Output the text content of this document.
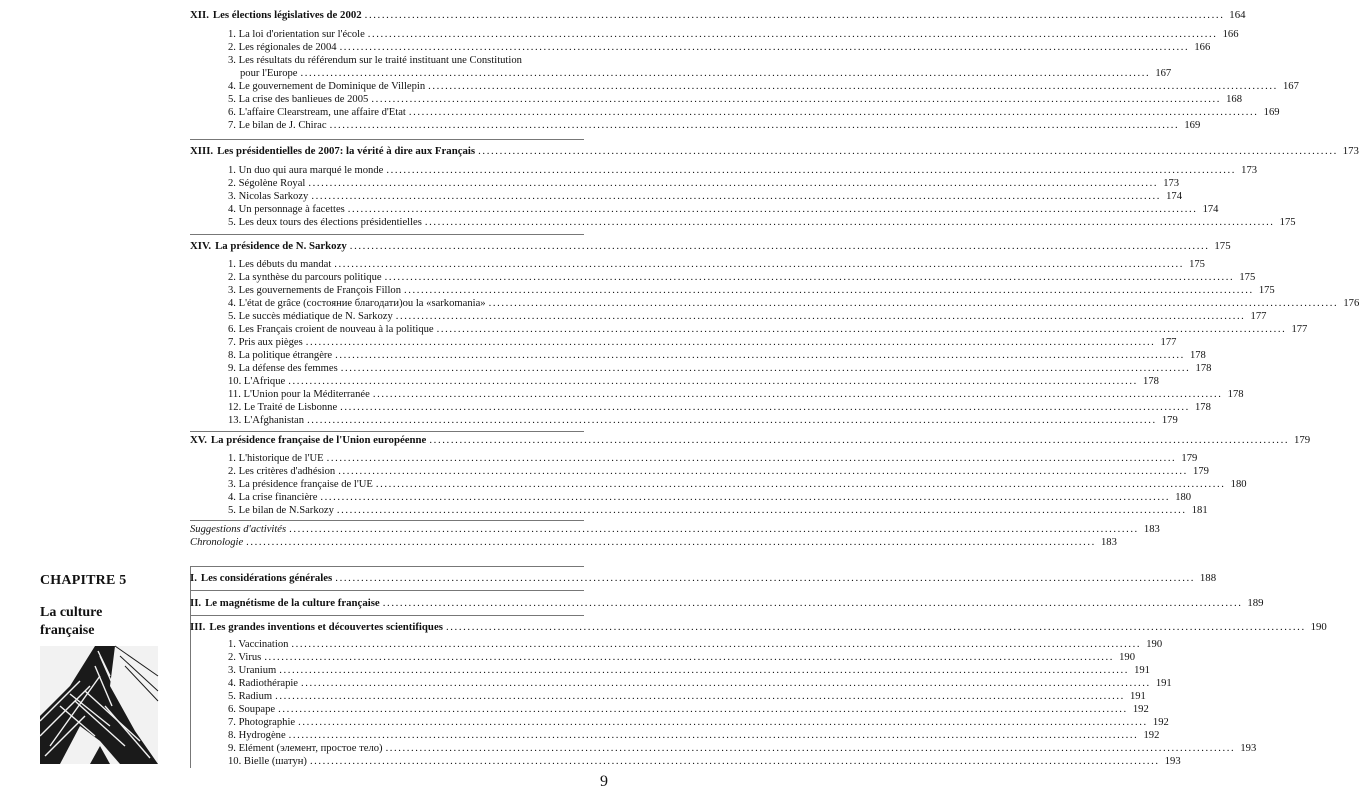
XII. Les élections législatives de 2002 ........................................................................................................................................................................................................ 164
1. La loi d'orientation sur l'école ........................................................................................................................................................................................................ 166
2. Les régionales de 2004 ........................................................................................................................................................................................................ 166
3. Les résultats du référendum sur le traité instituant une Constitution
pour l'Europe ........................................................................................................................................................................................................ 167
4. Le gouvernement de Dominique de Villepin ........................................................................................................................................................................................................ 167
5. La crise des banlieues de 2005 ........................................................................................................................................................................................................ 168
6. L'affaire Clearstream, une affaire d'Etat ........................................................................................................................................................................................................ 169
7. Le bilan de J. Chirac ........................................................................................................................................................................................................ 169
XIII. Les présidentielles de 2007: la vérité à dire aux Français ........................................................................................................................................................................................................ 173
1. Un duo qui aura marqué le monde ........................................................................................................................................................................................................ 173
2. Ségolène Royal ........................................................................................................................................................................................................ 173
3. Nicolas Sarkozy ........................................................................................................................................................................................................ 174
4. Un personnage à facettes ........................................................................................................................................................................................................ 174
5. Les deux tours des élections présidentielles ........................................................................................................................................................................................................ 175
XIV. La présidence de N. Sarkozy ........................................................................................................................................................................................................ 175
1. Les débuts du mandat ........................................................................................................................................................................................................ 175
2. La synthèse du parcours politique ........................................................................................................................................................................................................ 175
3. Les gouvernements de François Fillon ........................................................................................................................................................................................................ 175
4. L'état de grâce (состояние благодати)ou la «sarkomania» ........................................................................................................................................................................................................ 176
5. Le succès médiatique de N. Sarkozy ........................................................................................................................................................................................................ 177
6. Les Français croient de nouveau à la politique ........................................................................................................................................................................................................ 177
7. Pris aux pièges ........................................................................................................................................................................................................ 177
8. La politique étrangère ........................................................................................................................................................................................................ 178
9. La défense des femmes ........................................................................................................................................................................................................ 178
10. L'Afrique ........................................................................................................................................................................................................ 178
11. L'Union pour la Méditerranée ........................................................................................................................................................................................................ 178
12. Le Traité de Lisbonne ........................................................................................................................................................................................................ 178
13. L'Afghanistan ........................................................................................................................................................................................................ 179
XV. La présidence française de l'Union européenne ........................................................................................................................................................................................................ 179
1. L'historique de l'UE ........................................................................................................................................................................................................ 179
2. Les critères d'adhésion ........................................................................................................................................................................................................ 179
3. La présidence française de l'UE ........................................................................................................................................................................................................ 180
4. La crise financière ........................................................................................................................................................................................................ 180
5. Le bilan de N.Sarkozy ........................................................................................................................................................................................................ 181
Suggestions d'activités ........................................................................................................................................................................................................ 183
Chronologie ........................................................................................................................................................................................................ 183
CHAPITRE 5
La culture
française
I. Les considérations générales ........................................................................................................................................................................................................ 188
II. Le magnétisme de la culture française ........................................................................................................................................................................................................ 189
III. Les grandes inventions et découvertes scientifiques ........................................................................................................................................................................................................ 190
1. Vaccination ........................................................................................................................................................................................................ 190
2. Virus ........................................................................................................................................................................................................ 190
3. Uranium ........................................................................................................................................................................................................ 191
4. Radiothérapie ........................................................................................................................................................................................................ 191
5. Radium ........................................................................................................................................................................................................ 191
6. Soupape ........................................................................................................................................................................................................ 192
7. Photographie ........................................................................................................................................................................................................ 192
8. Hydrogène ........................................................................................................................................................................................................ 192
9. Elément (элемент, простое тело) ........................................................................................................................................................................................................ 193
10. Bielle (шатун) ........................................................................................................................................................................................................ 193
9
